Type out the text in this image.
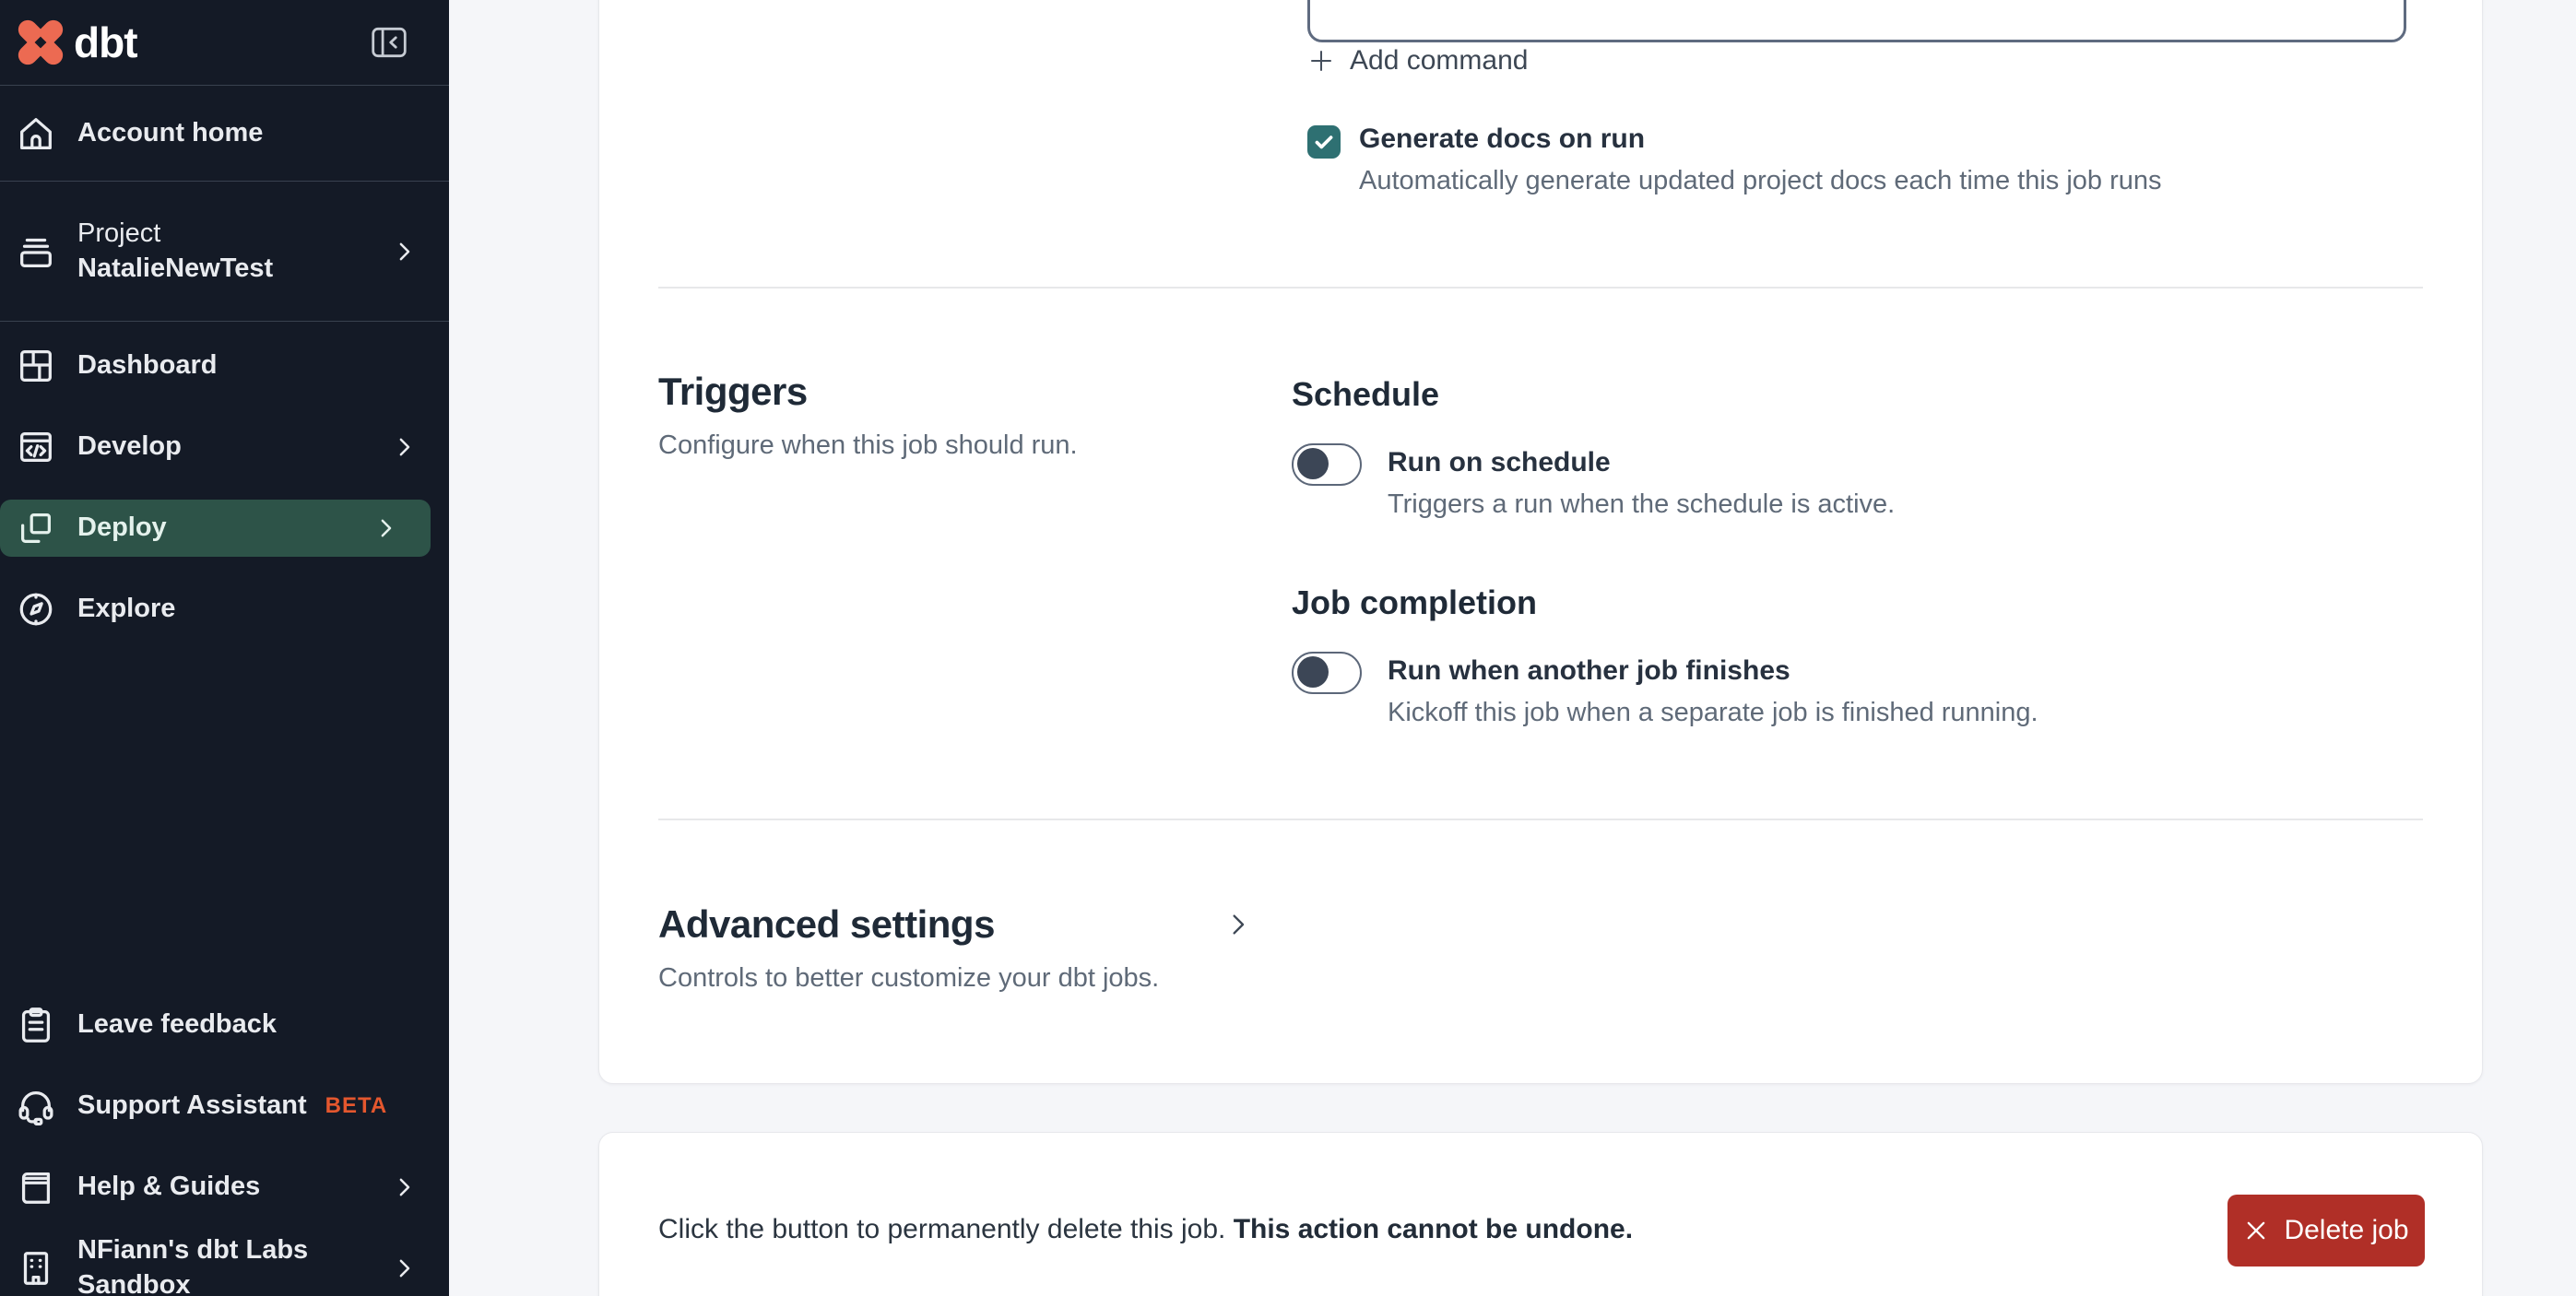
dbt
Account home
Project
NatalieNewTest
Dashboard
Develop
Deploy
Explore
Leave feedback
Support Assistant BETA
Help & Guides
NFiann's dbt Labs Sandbox
Add command
Generate docs on run
Automatically generate updated project docs each time this job runs
Triggers
Configure when this job should run.
Schedule
Run on schedule
Triggers a run when the schedule is active.
Job completion
Run when another job finishes
Kickoff this job when a separate job is finished running.
Advanced settings
Controls to better customize your dbt jobs.
Click the button to permanently delete this job. This action cannot be undone.	Delete job
